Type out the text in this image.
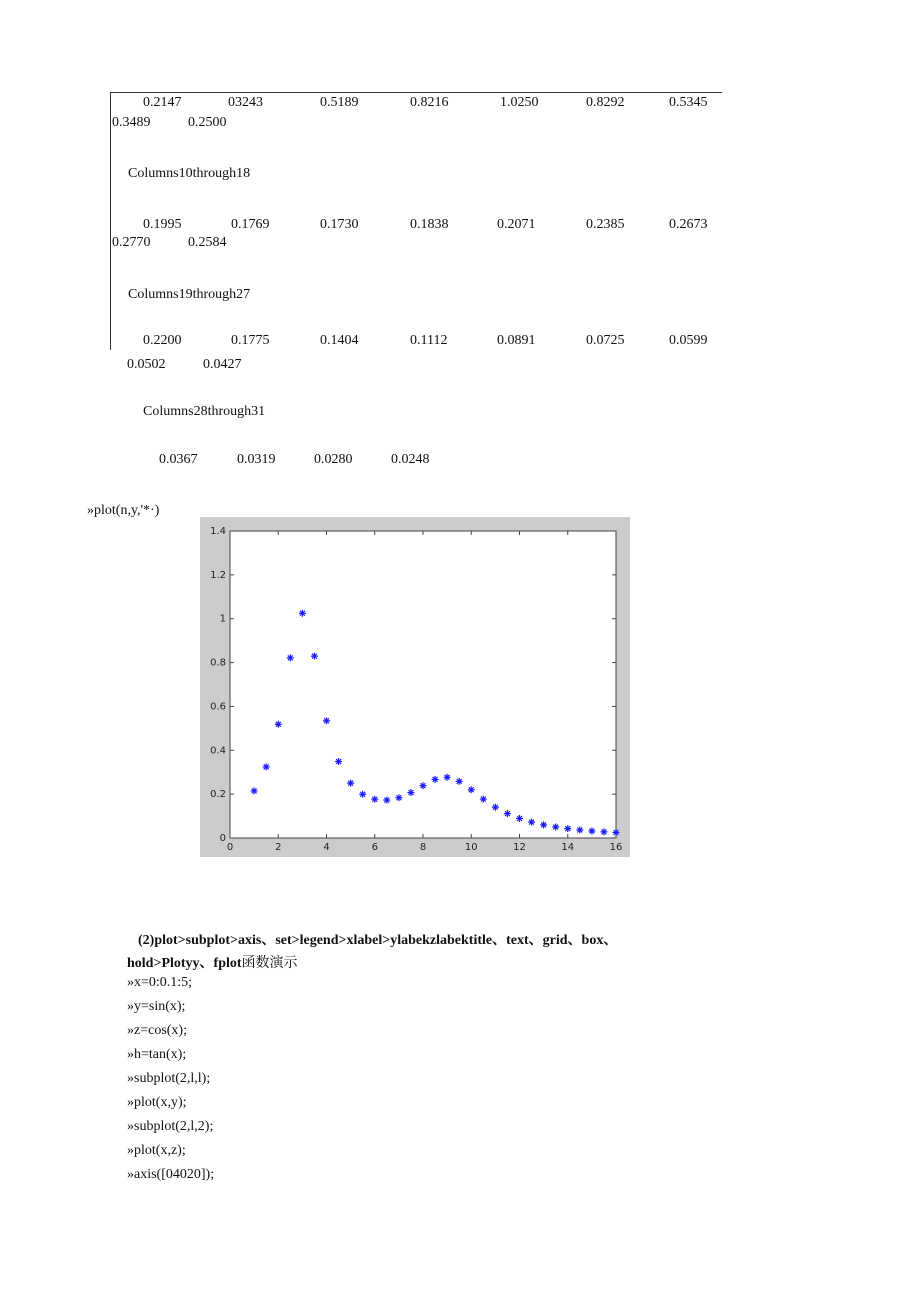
0.2147	03243	0.5189	0.8216	1.0250	0.8292	0.5345
0.3489	0.2500
Columns10through18
0.1995	0.1769	0.1730	0.1838	0.2071	0.2385	0.2673
0.2770	0.2584
Columns19through27
0.2200	0.1775	0.1404	0.1112	0.0891	0.0725	0.0599
0.0502	0.0427
Columns28through31
0.0367	0.0319	0.0280	0.0248
»plot(n,y,'*·)
0	2	4	6	8	10	12	14	16
0
0.2
0.4
0.6
0.8
1
1.2
1.4
(2)plot>subplot>axis、set>legend>xlabel>ylabekzlabektitle、text、grid、box、
hold>Plotyy、fplot函数演示
»x=0:0.1:5;
»y=sin(x);
»z=cos(x);
»h=tan(x);
»subplot(2,l,l);
»plot(x,y);
»subplot(2,l,2);
»plot(x,z);
»axis([04020]);
